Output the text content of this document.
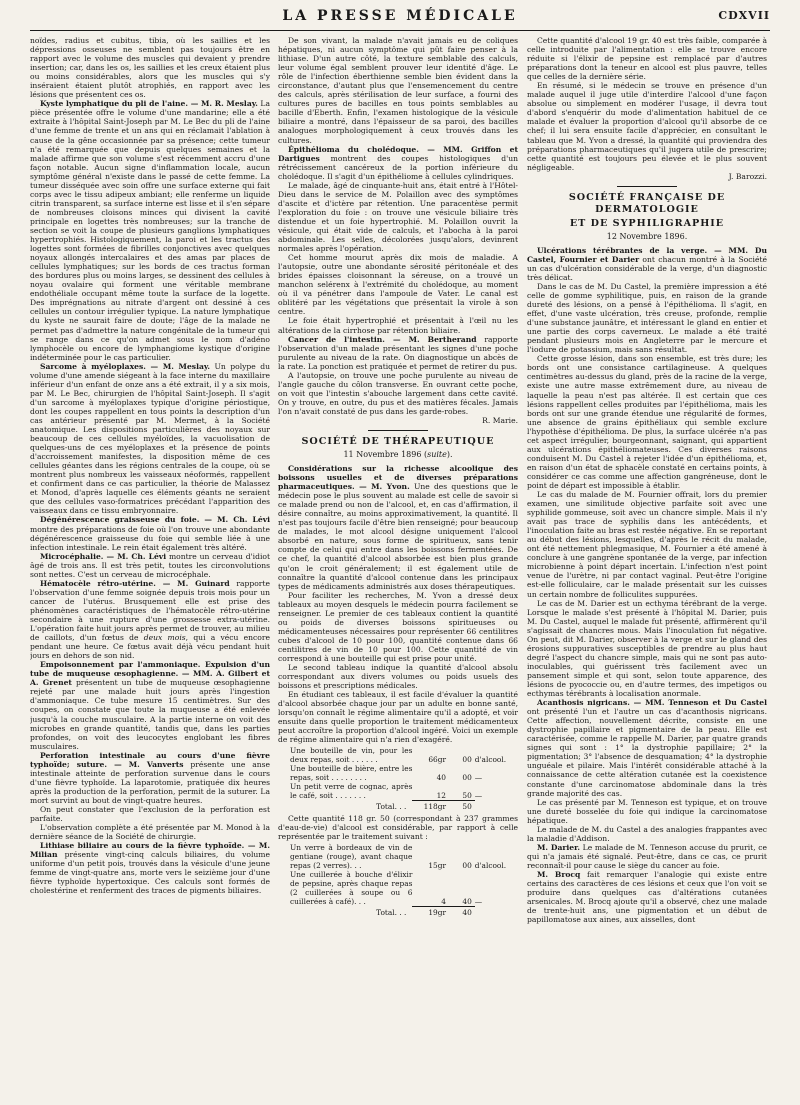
LA PRESSE MÉDICALE	CDXVII

noïdes, radius et cubitus, tibia, où les saillies et les dépressions osseuses ne semblent pas toujours être en rapport avec le volume des muscles qui devaient y prendre insertion; car, dans les os, les saillies et les creux étaient plus ou moins considérables, alors que les muscles qui s'y inséraient étaient plutôt atrophiés, en rapport avec les lésions que présentent ces os.

Kyste lymphatique du pli de l'aine. — M. R. Meslay. La pièce présentée offre le volume d'une mandarine; elle a été extraite à l'hôpital Saint-Joseph par M. Le Bec du pli de l'aine d'une femme de trente et un ans qui en réclamait l'ablation à cause de la gêne occasionnée par sa présence; cette tumeur n'a été remarquée que depuis quelques semaines et la malade affirme que son volume s'est récemment accru d'une façon notable. Aucun signe d'inflammation locale, aucun symptôme général n'existe dans le passé de cette femme. La tumeur disséquée avec soin offre une surface externe qui fait corps avec le tissu adipeux ambiant; elle renferme un liquide citrin transparent, sa surface interne est lisse et il s'en sépare de nombreuses cloisons minces qui divisent la cavité principale en logettes très nombreuses; sur la tranche de section se voit la coupe de plusieurs ganglions lymphatiques hypertrophiés. Histologiquement, la paroi et les tractus des logettes sont formées de fibrilles conjonctives avec quelques noyaux allongés intercalaires et des amas par places de cellules lymphatiques; sur les bords de ces tractus forman des bordures plus ou moins larges, se dessinent des cellules à noyau ovalaire qui forment une véritable membrane endothéliale occupant même toute la surface de la logette. Des imprégnations au nitrate d'argent ont dessiné à ces cellules un contour irrégulier typique. La nature lymphatique du kyste ne saurait faire de doute; l'âge de la malade ne permet pas d'admettre la nature congénitale de la tumeur qui se range dans ce qu'on admet sous le nom d'adéno lymphocèle ou encore de lymphangiome kystique d'origine indéterminée pour le cas particulier.

Sarcome à myéloplaxes. — M. Meslay. Un polype du volume d'une amende siégeant à la face interne du maxillaire inférieur d'un enfant de onze ans a été extrait, il y a six mois, par M. Le Bec, chirurgien de l'hôpital Saint-Joseph. Il s'agit d'un sarcome à myéloplaxes typique d'origine périostique, dont les coupes rappellent en tous points la description d'un cas antérieur présenté par M. Mermet, à la Société anatomique. Les dispositions particulières des noyaux sur beaucoup de ces cellules myéloïdes, la vacuolisation de quelques-uns de ces myéloplaxes et la présence de points d'accroissement manifestes, la disposition même de ces cellules géantes dans les régions centrales de la coupe, où se montrent plus nombreux les vaisseaux néoformés, rappellent et confirment dans ce cas particulier, la théorie de Malassez et Monod, d'après laquelle ces éléments géants ne seraient que des cellules vaso-formatrices précédant l'apparition des vaisseaux dans ce tissu embryonnaire.

Dégénérescence graisseuse du foie. — M. Ch. Lévi montre des préparations de foie où l'on trouve une abondante dégénérescence graisseuse du foie qui semble liée à une infection intestinale. Le rein était également très altéré.

Microcéphalie. — M. Ch. Lévi montre un cerveau d'idiot âgé de trois ans. Il est très petit, toutes les circonvolutions sont nettes. C'est un cerveau de microcéphale.

Hématocèle rétro-utérine. — M. Guinard rapporte l'observation d'une femme soignée depuis trois mois pour un cancer de l'utérus. Brusquement elle est prise des phénomènes caractéristiques de l'hématocèle rétro-utérine secondaire à une rupture d'une grossesse extra-utérine. L'opération faite huit jours après permet de trouver, au milieu de caillots, d'un fœtus de deux mois, qui a vécu encore pendant une heure. Ce fœtus avait déjà vécu pendant huit jours en dehors de son nid.

Empoisonnement par l'ammoniaque. Expulsion d'un tube de muqueuse œsophagienne. — MM. A. Gilbert et A. Grenet présentent un tube de muqueuse œsophagienne rejeté par une malade huit jours après l'ingestion d'ammoniaque. Ce tube mesure 15 centimètres. Sur des coupes, on constate que toute la muqueuse a été enlevée jusqu'à la couche musculaire. A la partie interne on voit des microbes en grande quantité, tandis que, dans les parties profondes, on voit des leucocytes englobant les fibres musculaires.

Perforation intestinale au cours d'une fièvre typhoïde; suture. — M. Vanverts présente une anse intestinale atteinte de perforation survenue dans le cours d'une fièvre typhoïde. La laparotomie, pratiquée dix heures après la production de la perforation, permit de la suturer. La mort survint au bout de vingt-quatre heures.

On peut constater que l'exclusion de la perforation est parfaite.

L'observation complète a été présentée par M. Monod à la dernière séance de la Société de chirurgie.

Lithiase biliaire au cours de la fièvre typhoïde. — M. Milian présente vingt-cinq calculs biliaires, du volume uniforme d'un petit pois, trouvés dans la vésicule d'une jeune femme de vingt-quatre ans, morte vers le seizième jour d'une fièvre typhoïde hypertoxique. Ces calculs sont formés de cholestérine et renferment des traces de pigments biliaires.

De son vivant, la malade n'avait jamais eu de coliques hépatiques, ni aucun symptôme qui pût faire penser à la lithiase. D'un autre côté, la texture semblable des calculs, leur volume égal semblent prouver leur identité d'âge. Le rôle de l'infection éberthienne semble bien évident dans la circonstance, d'autant plus que l'ensemencement du centre des calculs, après stérilisation de leur surface, a fourni des cultures pures de bacilles en tous points semblables au bacille d'Eberth. Enfin, l'examen histologique de la vésicule biliaire a montré, dans l'épaisseur de sa paroi, des bacilles analogues morphologiquement à ceux trouvés dans les cultures.

Épithélioma du cholédoque. — MM. Griffon et Dartigues montrent des coupes histologiques d'un rétrécissement cancéreux de la portion inférieure du cholédoque. Il s'agit d'un épithéliome à cellules cylindriques.

Le malade, âgé de cinquante-huit ans, était entré à l'Hôtel-Dieu dans le service de M. Polaillon avec des symptômes d'ascite et d'ictère par rétention. Une paracentèse permit l'exploration du foie : on trouve une vésicule biliaire très distendue et un foie hypertrophié. M. Polaillon ouvrit la vésicule, qui était vide de calculs, et l'abocha à la paroi abdominale. Les selles, décolorées jusqu'alors, devinrent normales après l'opération.

Cet homme mourut après dix mois de maladie. A l'autopsie, outre une abondante sérosité péritonéale et des brides épaisses cloisonnant la séreuse, on a trouvé un manchon selérenx à l'extrémité du cholédoque, au moment où il va pénétrer dans l'ampoule de Vater. Le canal est oblitéré par les végétations que présentait la virole à son centre.

Le foie était hypertrophié et présentait à l'œil nu les altérations de la cirrhose par rétention biliaire.

Cancer de l'intestin. — M. Bertherand rapporte l'observation d'un malade présentant les signes d'une poche purulente au niveau de la rate. On diagnostique un abcès de la rate. La ponction est pratiquée et permet de retirer du pus.

A l'autopsie, on trouve une poche purulente au niveau de l'angle gauche du côlon transverse. En ouvrant cette poche, on voit que l'intestin s'abouche largement dans cette cavité. On y trouve, en outre, du pus et des matières fécales. Jamais l'on n'avait constaté de pus dans les garde-robes.

R. Marie.

SOCIÉTÉ DE THÉRAPEUTIQUE
11 Novembre 1896 (suite).

Considérations sur la richesse alcoolique des boissons usuelles et de diverses préparations pharmaceutiques. — M. Yvon. Une des questions que le médecin pose le plus souvent au malade est celle de savoir si ce malade prend ou non de l'alcool, et, en cas d'affirmation, il désire connaître, au moins approximativement, la quantité. Il n'est pas toujours facile d'être bien renseigné; pour beaucoup de malades, le mot alcool désigne uniquement l'alcool absorbé en nature, sous forme de spiritueux, sans tenir compte de celui qui entre dans les boissons fermentées. De ce chef, la quantité d'alcool absorbée est bien plus grande qu'on le croit généralement; il est également utile de connaître la quantité d'alcool contenue dans les principaux types de médicaments administrés aux doses thérapeutiques.

Pour faciliter les recherches, M. Yvon a dressé deux tableaux au moyen desquels le médecin pourra facilement se renseigner. Le premier de ces tableaux contient la quantité ou poids de diverses boissons spiritueuses ou médicamenteuses nécessaires pour représenter 66 centilitres cubes d'alcool de 10 pour 100, quantité contenue dans 66 centilitres de vin de 10 pour 100. Cette quantité de vin correspond à une bouteille qui est prise pour unité.

Le second tableau indique la quantité d'alcool absolu correspondant aux divers volumes ou poids usuels des boissons et prescriptions médicales.

En étudiant ces tableaux, il est facile d'évaluer la quantité d'alcool absorbée chaque jour par un adulte en bonne santé, lorsqu'on connaît le régime alimentaire qu'il a adopté, et voir ensuite dans quelle proportion le traitement médicamenteux peut accroître la proportion d'alcool ingéré. Voici un exemple de régime alimentaire qui n'a rien d'exagéré.

Une bouteille de vin, pour les deux repas, soit . . . . . .	66gr	00	d'alcool.
Une bouteille de bière, entre les repas, soit . . . . . . . .	40	00	—
Un petit verre de cognac, après le café, soit . . . . . . .	12	50	—
Total. . .	118gr	50	

Cette quantité 118 gr. 50 (correspondant à 237 grammes d'eau-de-vie) d'alcool est considérable, par rapport à celle représentée par le traitement suivant :

Un verre à bordeaux de vin de gentiane (rouge), avant chaque repas (2 verres). . .	15gr	00	d'alcool.
Une cuillerée à bouche d'élixir de pepsine, après chaque repas (2 cuillerées à soupe ou 6 cuillerées à café). . .	4	40	—
Total. . .	19gr	40	

Cette quantité d'alcool 19 gr. 40 est très faible, comparée à celle introduite par l'alimentation : elle se trouve encore réduite si l'élixir de pepsine est remplacé par d'autres préparations dont la teneur en alcool est plus pauvre, telles que celles de la dernière série.

En résumé, si le médecin se trouve en présence d'un malade auquel il juge utile d'interdire l'alcool d'une façon absolue ou simplement en modérer l'usage, il devra tout d'abord s'enquérir du mode d'alimentation habituel de ce malade et évaluer la proportion d'alcool qu'il absorbe de ce chef; il lui sera ensuite facile d'apprécier, en consultant le tableau que M. Yvon a dressé, la quantité qui proviendra des préparations pharmaceutiques qu'il jugera utile de prescrire; cette quantité est toujours peu élevée et le plus souvent négligeable.

J. Barozzi.

SOCIÉTÉ FRANÇAISE DE DERMATOLOGIE
ET DE SYPHILIGRAPHIE
12 Novembre 1896.

Ulcérations térébrantes de la verge. — MM. Du Castel, Fournier et Darier ont chacun montré à la Société un cas d'ulcération considérable de la verge, d'un diagnostic très délicat.

Dans le cas de M. Du Castel, la première impression a été celle de gomme syphilitique, puis, en raison de la grande dureté des lésions, on a pensé à l'épithélioma. Il s'agit, en effet, d'une vaste ulcération, très creuse, profonde, remplie d'une substance jaunâtre, et intéressant le gland en entier et une partie des corps caverneux. Le malade a été traité pendant plusieurs mois en Angleterre par le mercure et l'iodure de potassium, mais sans résultat.

Cette grosse lésion, dans son ensemble, est très dure; les bords ont une consistance cartilagineuse. A quelques centimètres au-dessus du gland, près de la racine de la verge, existe une autre masse extrêmement dure, au niveau de laquelle la peau n'est pas altérée. Il est certain que ces lésions rappellent celles produites par l'épithélioma, mais les bords ont sur une grande étendue une régularité de formes, une absence de grains épithéliaux qui semble exclure l'hypothèse d'épithélioma. De plus, la surface ulcérée n'a pas cet aspect irrégulier, bourgeonnant, saignant, qui appartient aux ulcérations épithéliomateuses. Ces diverses raisons conduisent M. Du Castel à rejeter l'idée d'un épithélioma, et, en raison d'un état de sphacèle constaté en certains points, à considérer ce cas comme une affection gangréneuse, dont le point de départ est impossible à établir.

Le cas du malade de M. Fournier offrait, lors du premier examen, une similitude objective parfaite soit avec une syphilide gommeuse, soit avec un chancre simple. Mais il n'y avait pas trace de syphilis dans les antécédents, et l'inoculation faite au bras est restée négative. En se reportant au début des lésions, lesquelles, d'après le récit du malade, ont été nettement phlegmasique, M. Fournier a été amené à conclure à une gangrène spontanée de la verge, par infection microbienne à point départ incertain. L'infection n'est point venue de l'urètre, ni par contact vaginal. Peut-être l'origine est-elle folliculaire, car le malade présentait sur les cuisses un certain nombre de folliculites suppurées.

Le cas de M. Darier est un ecthyma térébrant de la verge. Lorsque le malade s'est présenté à l'hôpital M. Darier, puis M. Du Castel, auquel le malade fut présenté, affirmèrent qu'il s'agissait de chancres mous. Mais l'inoculation fut négative. On peut, dit M. Darier, observer à la verge et sur le gland des érosions suppuratives susceptibles de prendre au plus haut degré l'aspect du chancre simple, mais qui ne sont pas auto-inoculables, qui guérissent très facilement avec un pansement simple et qui sont, selon toute apparence, des lésions de pyococcie ou, en d'autre termes, des impetigos ou ecthymas térébrants à localisation anormale.

Acanthosis nigricans. — MM. Tenneson et Du Castel ont présenté l'un et l'autre un cas d'acanthosis nigricans. Cette affection, nouvellement décrite, consiste en une dystrophie papillaire et pigmentaire de la peau. Elle est caractérisée, comme le rappelle M. Darier, par quatre grands signes qui sont : 1° la dystrophie papillaire; 2° la pigmentation; 3° l'absence de desquamation; 4° la dystrophie unguéale et pilaire. Mais l'intérêt considérable attaché à la connaissance de cette altération cutanée est la coexistence constante d'une carcinomatose abdominale dans la très grande majorité des cas.

Le cas présenté par M. Tenneson est typique, et on trouve une dureté bosselée du foie qui indique la carcinomatose hépatique.

Le malade de M. du Castel a des analogies frappantes avec la maladie d'Addison.

M. Darier. Le malade de M. Tenneson accuse du prurit, ce qui n'a jamais été signalé. Peut-être, dans ce cas, ce prurit reconnaît-il pour cause le siège du cancer au foie.

M. Brocq fait remarquer l'analogie qui existe entre certains des caractères de ces lésions et ceux que l'on voit se produire dans quelques cas d'altérations cutanées arsenicales. M. Brocq ajoute qu'il a observé, chez une malade de trente-huit ans, une pigmentation et un début de papillomatose aux aines, aux aisselles, dont
